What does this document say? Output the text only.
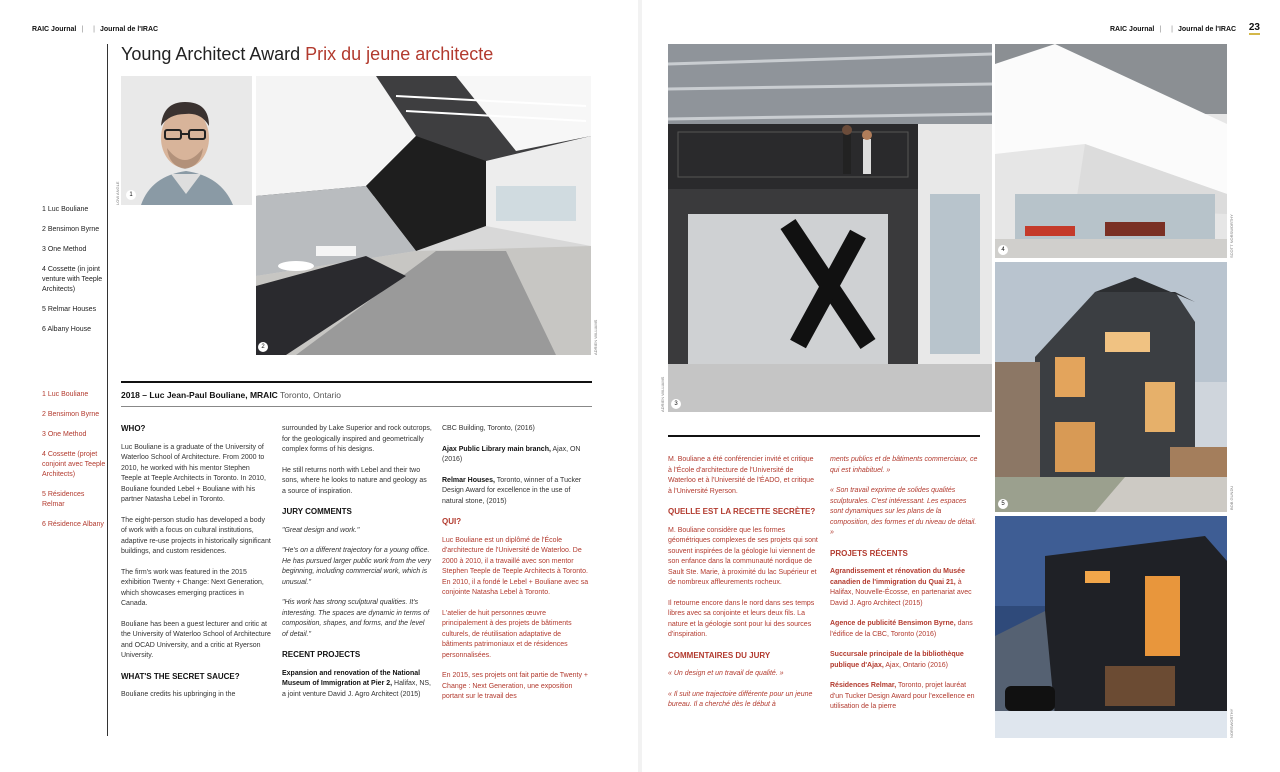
RAIC Journal | | Journal de l'IRAC
Young Architect Award Prix du jeune architecte
1 Luc Bouliane
2 Bensimon Byrne
3 One Method
4 Cossette (in joint venture with Teeple Architects)
5 Relmar Houses
6 Albany House
1 Luc Bouliane
2 Bensimon Byrne
3 One Method
4 Cossette (projet conjoint avec Teeple Architects)
5 Résidences Relmar
6 Résidence Albany
1
LOW ANGLE
2	ADRIEN WILLIAMS
2018 – Luc Jean-Paul Bouliane, MRAIC Toronto, Ontario
WHO?

Luc Bouliane is a graduate of the University of Waterloo School of Architecture. From 2000 to 2010, he worked with his mentor Stephen Teeple at Teeple Architects in Toronto. In 2010, Bouliane founded Lebel + Bouliane with his partner Natasha Lebel in Toronto.

The eight-person studio has developed a body of work with a focus on cultural institutions, adaptive re-use projects in historically significant buildings, and custom residences.

The firm's work was featured in the 2015 exhibition Twenty + Change: Next Generation, which showcases emerging practices in Canada.

Bouliane has been a guest lecturer and critic at the University of Waterloo School of Architecture and OCAD University, and a critic at Ryerson University.

WHAT'S THE SECRET SAUCE?

Bouliane credits his upbringing in the

surrounded by Lake Superior and rock outcrops, for the geologically inspired and geometrically complex forms of his designs.

He still returns north with Lebel and their two sons, where he looks to nature and geology as a source of inspiration.

JURY COMMENTS

"Great design and work."

"He's on a different trajectory for a young office. He has pursued larger public work from the very beginning, including commercial work, which is unusual."

"His work has strong sculptural qualities. It's interesting. The spaces are dynamic in terms of composition, shapes, and forms, and the level of detail."

RECENT PROJECTS

Expansion and renovation of the National Museum of Immigration at Pier 2, Halifax, NS, a joint venture David J. Agro Architect (2015)

CBC Building, Toronto, (2016)

Ajax Public Library main branch, Ajax, ON (2016)

Relmar Houses, Toronto, winner of a Tucker Design Award for excellence in the use of natural stone, (2015)

QUI?

Luc Bouliane est un diplômé de l'École d'architecture de l'Université de Waterloo. De 2000 à 2010, il a travaillé avec son mentor Stephen Teeple de Teeple Architects à Toronto. En 2010, il a fondé le Lebel + Bouliane avec sa conjointe Natasha Lebel à Toronto.

L'atelier de huit personnes œuvre principalement à des projets de bâtiments culturels, de réutilisation adaptative de bâtiments patrimoniaux et de résidences personnalisées.

En 2015, ses projets ont fait partie de Twenty + Change : Next Generation, une exposition portant sur le travail des

RAIC Journal | | Journal de l'IRAC 23
3
ADRIEN WILLIAMS
4	SCOTT NORSWORTHY
5	BOB GUNDU
NORSWORTHY

M. Bouliane a été conférencier invité et critique à l'École d'architecture de l'Université de Waterloo et à l'Université de l'ÉADO, et critique à l'Université Ryerson.

QUELLE EST LA RECETTE SECRÈTE?

M. Bouliane considère que les formes géométriques complexes de ses projets qui sont souvent inspirées de la géologie lui viennent de son enfance dans la communauté nordique de Sault Ste. Marie, à proximité du lac Supérieur et de nombreux affleurements rocheux.

Il retourne encore dans le nord dans ses temps libres avec sa conjointe et leurs deux fils. La nature et la géologie sont pour lui des sources d'inspiration.

COMMENTAIRES DU JURY

« Un design et un travail de qualité. »

« Il suit une trajectoire différente pour un jeune bureau. Il a cherché dès le début à

ments publics et de bâtiments commerciaux, ce qui est inhabituel. »

« Son travail exprime de solides qualités sculpturales. C'est intéressant. Les espaces sont dynamiques sur les plans de la composition, des formes et du niveau de détail. »

PROJETS RÉCENTS

Agrandissement et rénovation du Musée canadien de l'immigration du Quai 21, à Halifax, Nouvelle-Écosse, en partenariat avec David J. Agro Architect (2015)

Agence de publicité Bensimon Byrne, dans l'édifice de la CBC, Toronto (2016)

Succursale principale de la bibliothèque publique d'Ajax, Ajax, Ontario (2016)

Résidences Relmar, Toronto, projet lauréat d'un Tucker Design Award pour l'excellence en utilisation de la pierre
